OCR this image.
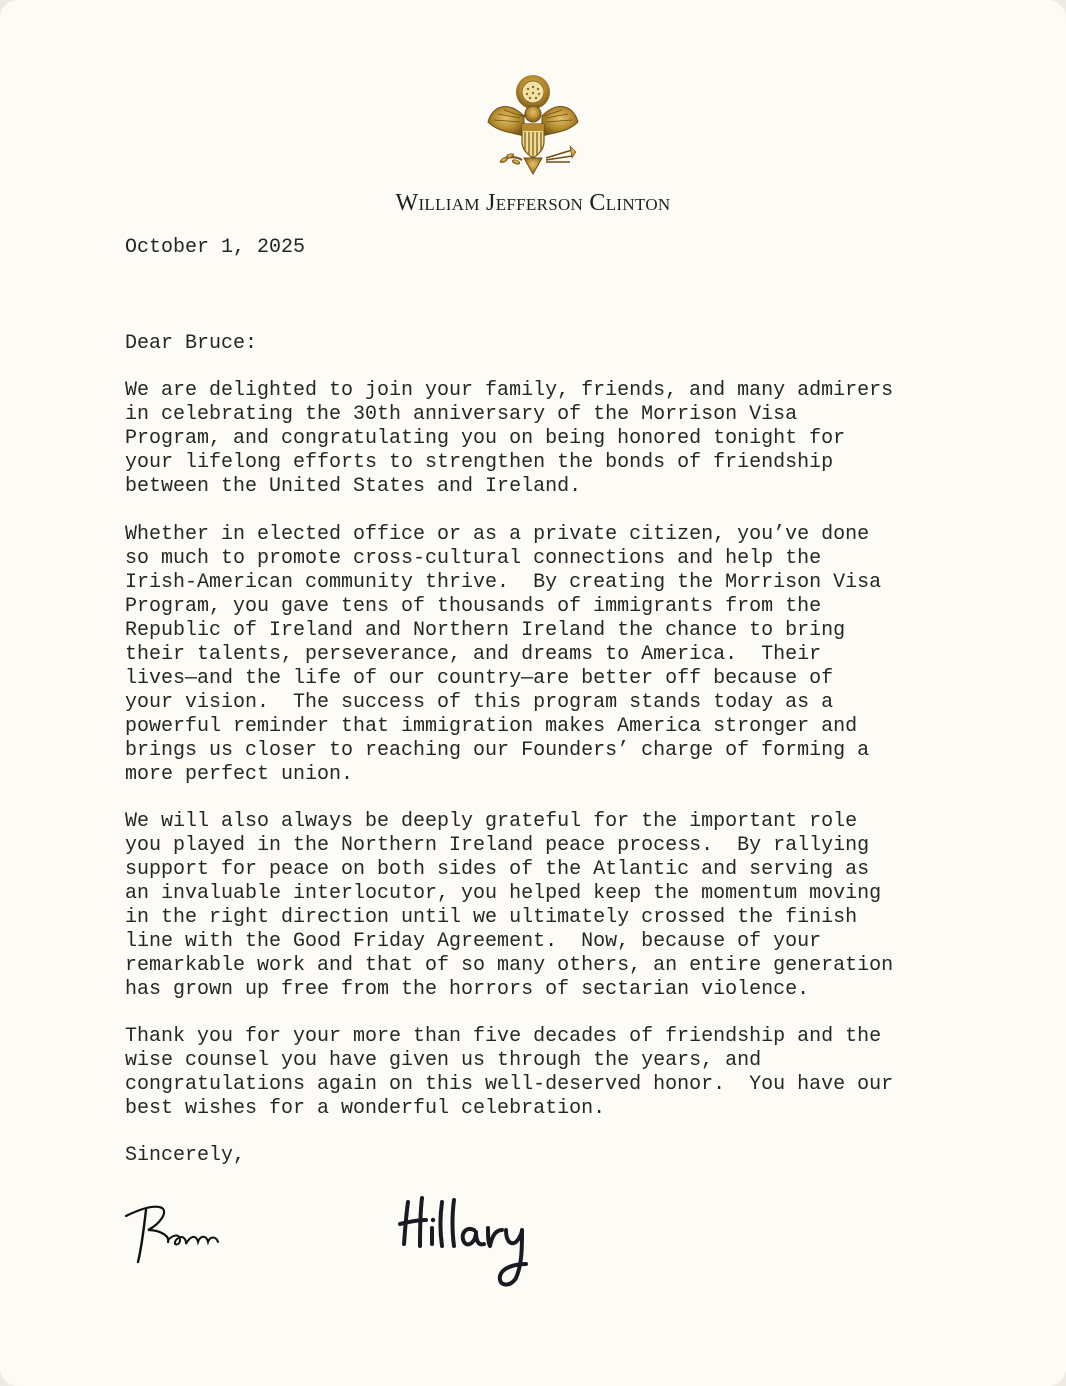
William Jefferson Clinton

October 1, 2025

Dear Bruce:

We are delighted to join your family, friends, and many admirers
in celebrating the 30th anniversary of the Morrison Visa
Program, and congratulating you on being honored tonight for
your lifelong efforts to strengthen the bonds of friendship
between the United States and Ireland.

Whether in elected office or as a private citizen, you’ve done
so much to promote cross-cultural connections and help the
Irish-American community thrive.  By creating the Morrison Visa
Program, you gave tens of thousands of immigrants from the
Republic of Ireland and Northern Ireland the chance to bring
their talents, perseverance, and dreams to America.  Their
lives—and the life of our country—are better off because of
your vision.  The success of this program stands today as a
powerful reminder that immigration makes America stronger and
brings us closer to reaching our Founders’ charge of forming a
more perfect union.

We will also always be deeply grateful for the important role
you played in the Northern Ireland peace process.  By rallying
support for peace on both sides of the Atlantic and serving as
an invaluable interlocutor, you helped keep the momentum moving
in the right direction until we ultimately crossed the finish
line with the Good Friday Agreement.  Now, because of your
remarkable work and that of so many others, an entire generation
has grown up free from the horrors of sectarian violence.

Thank you for your more than five decades of friendship and the
wise counsel you have given us through the years, and
congratulations again on this well-deserved honor.  You have our
best wishes for a wonderful celebration.

Sincerely,
